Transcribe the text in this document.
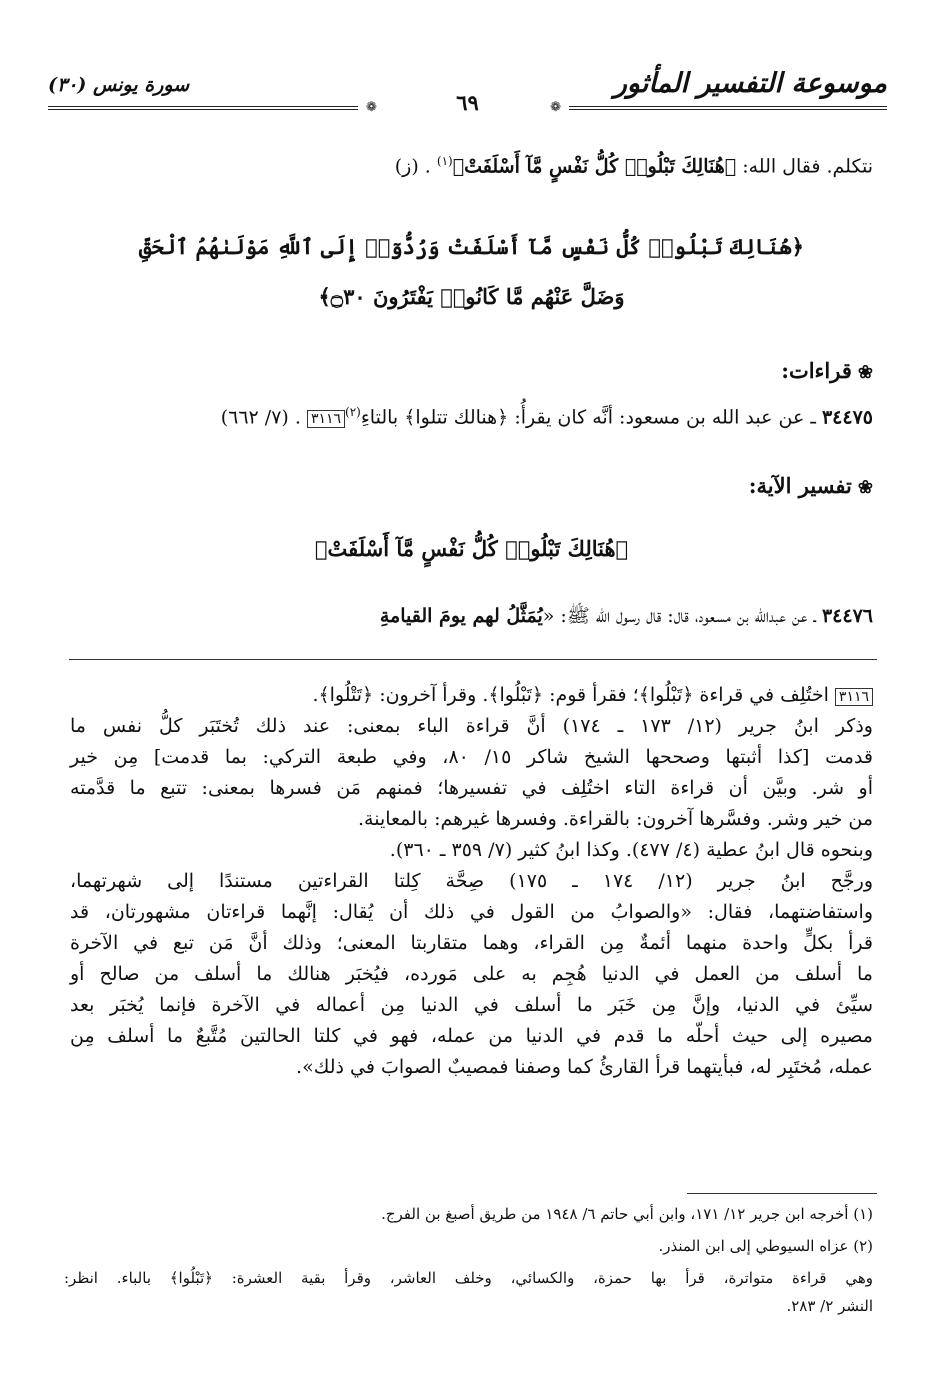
موسوعة التفسير المأثور
سورة يونس (٣٠)
❁
٦٩
❁
نتكلم. فقال الله: ﴿هُنَالِكَ تَبْلُوا۟ كُلُّ نَفْسٍ مَّآ أَسْلَفَتْ﴾$^{(١)}$ . (ز)
﴿هُنَالِكَ تَبْلُوا۟ كُلُّ نَفْسٍ مَّآ أَسْلَفَتْ وَرُدُّوٓا۟ إِلَى ٱللَّهِ مَوْلَىٰهُمُ ٱلْحَقِّ
وَضَلَّ عَنْهُم مَّا كَانُوا۟ يَفْتَرُونَ ۝٣٠﴾
❀قراءات:
٣٤٤٧٥ ـ عن عبد الله بن مسعود: أنَّه كان يقرأُ: ﴿هنالك تتلوا﴾ بالتاءِ$^{(٢)}$٣١١٦ . (٧/ ٦٦٢)
❀تفسير الآية:
﴿هُنَالِكَ تَبْلُوا۟ كُلُّ نَفْسٍ مَّآ أَسْلَفَتْ﴾
٣٤٤٧٦ ـ عن عبدالله بن مسعود، قال: قال رسول الله ﷺ: «يُمَثَّلُ لهم يومَ القيامةِ
٣١١٦ اختُلِف في قراءة ﴿تَبْلُوا﴾؛ فقرأ قوم: ﴿تَبْلُوا﴾. وقرأ آخرون: ﴿تَتْلُوا﴾.
وذكر ابنُ جرير (١٢/ ١٧٣ ـ ١٧٤) أنَّ قراءة الباء بمعنى: عند ذلك تُختَبَر كلُّ نفس ما
قدمت [كذا أثبتها وصححها الشيخ شاكر ١٥/ ٨٠، وفي طبعة التركي: بما قدمت] مِن خير
أو شر. وبيَّن أن قراءة التاء اختُلِف في تفسيرها؛ فمنهم مَن فسرها بمعنى: تتبع ما قدَّمته
من خير وشر. وفسَّرها آخرون: بالقراءة. وفسرها غيرهم: بالمعاينة.
وبنحوه قال ابنُ عطية (٤/ ٤٧٧). وكذا ابنُ كثير (٧/ ٣٥٩ ـ ٣٦٠).
ورجَّح ابنُ جرير (١٢/ ١٧٤ ـ ١٧٥) صِحَّة كِلتا القراءتين مستندًا إلى شهرتهما،
واستفاضتهما، فقال: «والصوابُ من القول في ذلك أن يُقال: إنَّهما قراءتان مشهورتان، قد
قرأ بكلٍّ واحدة منهما أئمةٌ مِن القراء، وهما متقاربتا المعنى؛ وذلك أنَّ مَن تبع في الآخرة
ما أسلف من العمل في الدنيا هُجِم به على مَورده، فيُخبَر هنالك ما أسلف من صالح أو
سيِّئ في الدنيا، وإنَّ مِن خَبَر ما أسلف في الدنيا مِن أعماله في الآخرة فإنما يُخبَر بعد
مصيره إلى حيث أحلّه ما قدم في الدنيا من عمله، فهو في كلتا الحالتين مُتَّبعٌ ما أسلف مِن
عمله، مُختَبِر له، فبأيتهما قرأ القارئُ كما وصفنا فمصيبٌ الصوابَ في ذلك».
(١) أخرجه ابن جرير ١٢/ ١٧١، وابن أبي حاتم ٦/ ١٩٤٨ من طريق أصبغ بن الفرج.
(٢) عزاه السيوطي إلى ابن المنذر.
وهي قراءة متواترة، قرأ بها حمزة، والكسائي، وخلف العاشر، وقرأ بقية العشرة: ﴿تَبْلُوا﴾ بالباء. انظر:
النشر ٢/ ٢٨٣.
